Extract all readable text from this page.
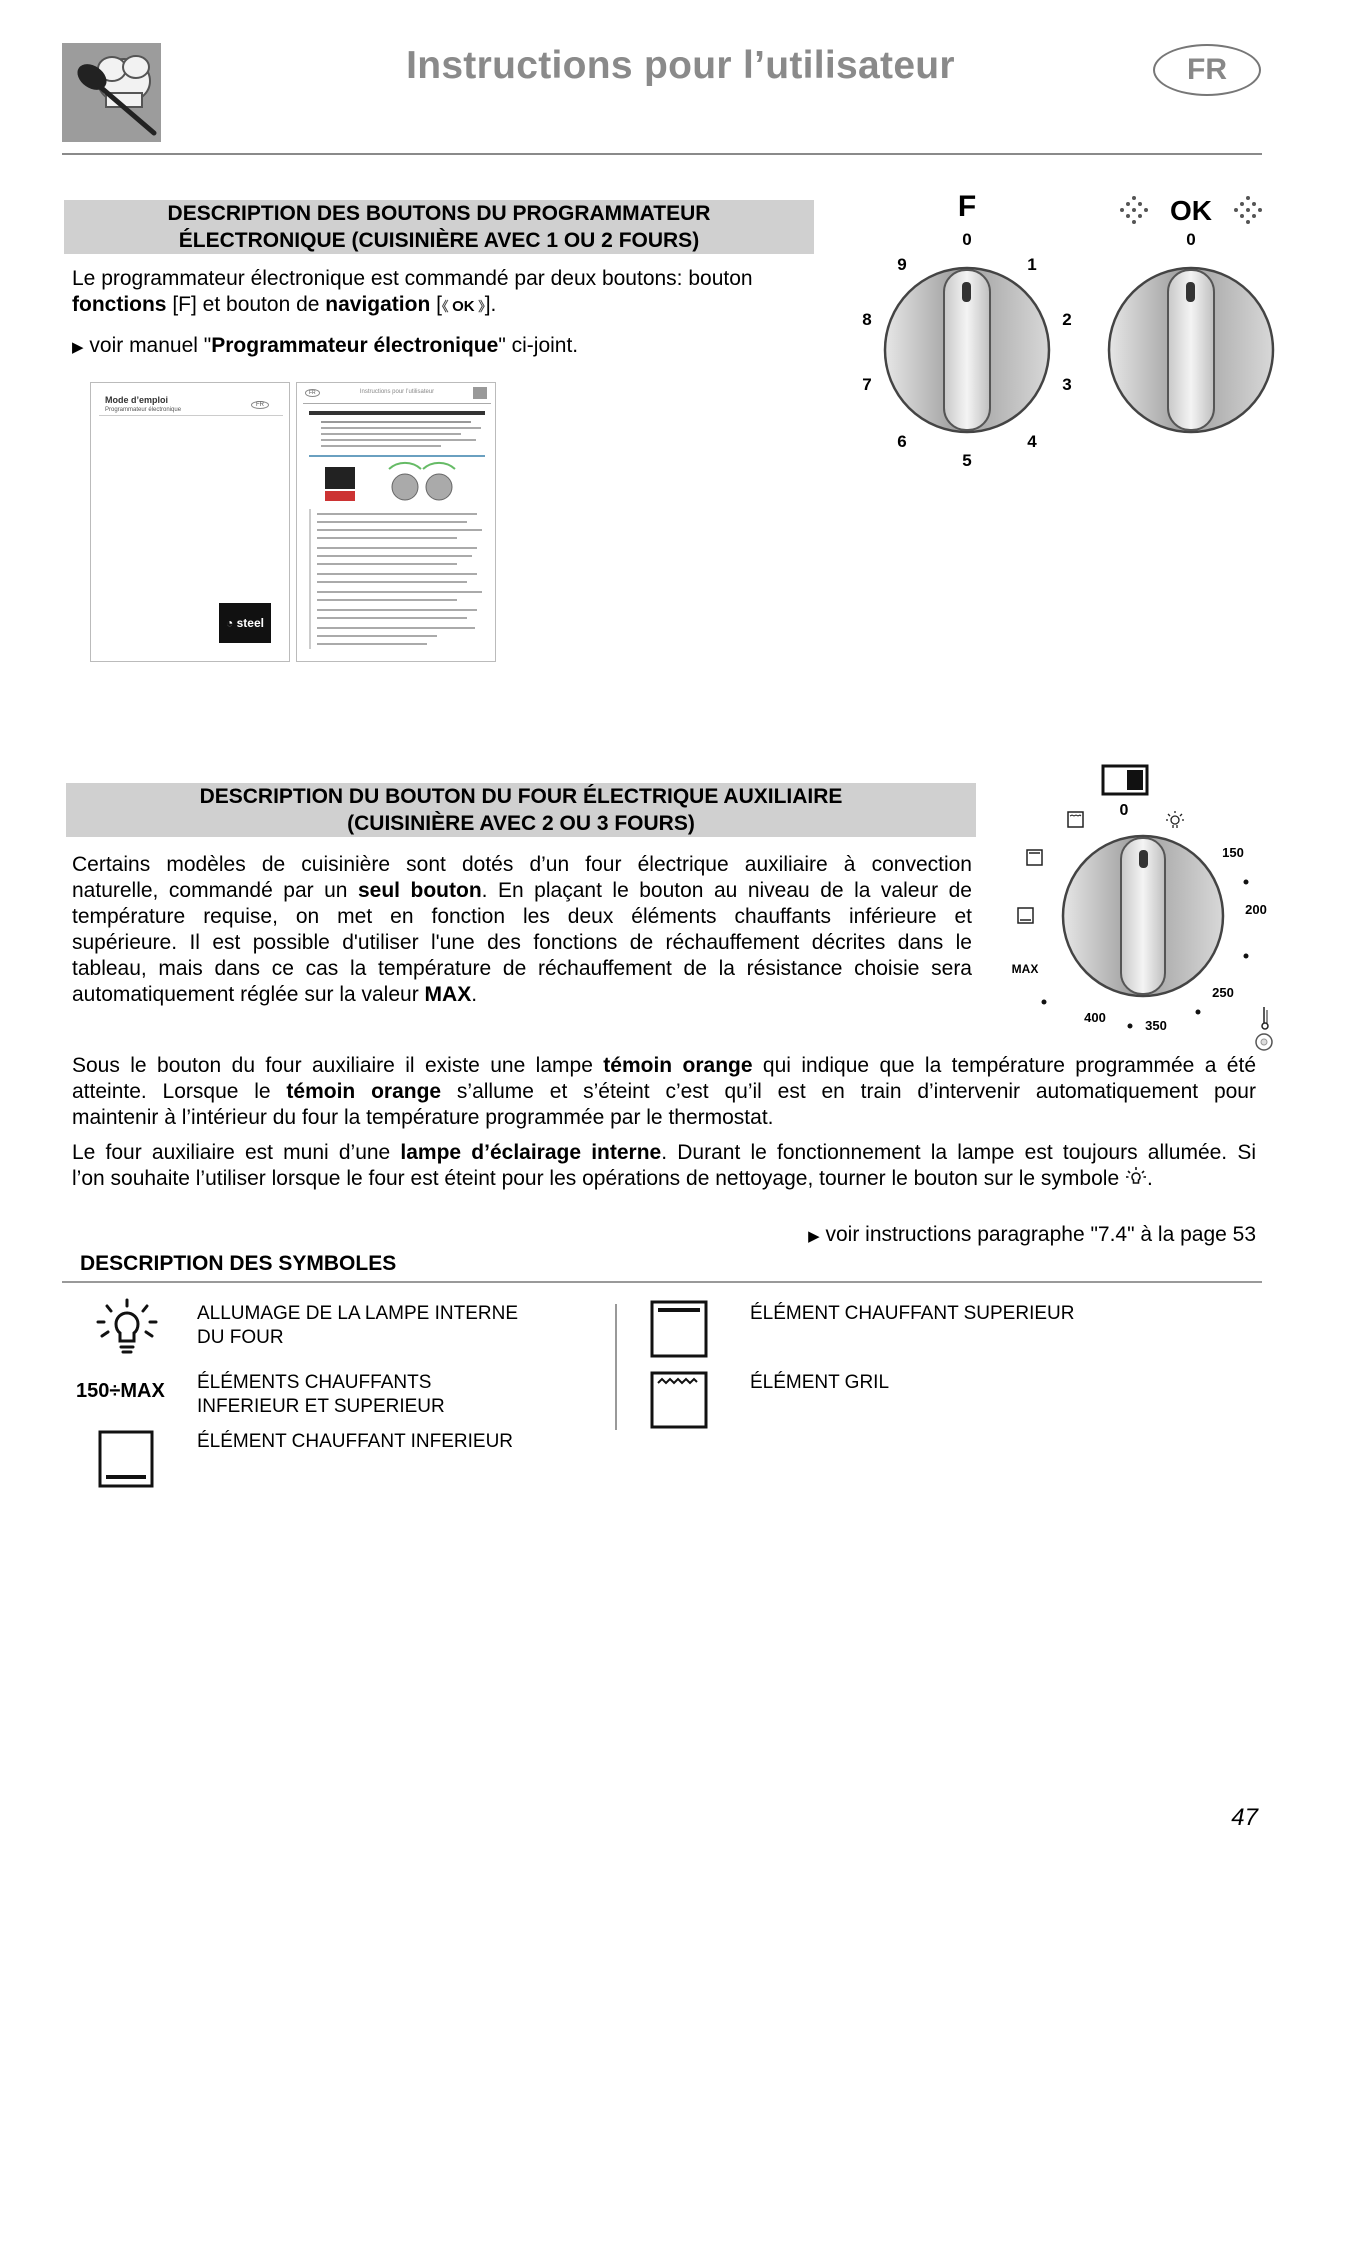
Instructions pour l’utilisateur	FR
DESCRIPTION DES BOUTONS DU PROGRAMMATEUR
ÉLECTRONIQUE (CUISINIÈRE AVEC 1 OU 2 FOURS)
Le programmateur électronique est commandé par deux boutons: bouton
fonctions [F] et bouton de navigation [《 OK 》].
▶ voir manuel "Programmateur électronique" ci-joint.
Mode d’emploi
Programmateur électronique
FR
◔ steel
FR	Instructions pour l’utilisateur
F
0
1
2
3
4
5
6
7
8
9
OK
0
DESCRIPTION DU BOUTON DU FOUR ÉLECTRIQUE AUXILIAIRE
(CUISINIÈRE AVEC 2 OU 3 FOURS)
Certains modèles de cuisinière sont dotés d’un four électrique auxiliaire à convection
naturelle, commandé par un seul bouton. En plaçant le bouton au niveau de la valeur de
température requise, on met en fonction les deux éléments chauffants inférieure et
supérieure. Il est possible d'utiliser l'une des fonctions de réchauffement décrites dans le
tableau, mais dans ce cas la température de réchauffement de la résistance choisie sera
automatiquement réglée sur la valeur MAX.
0
MAX
400
350
250
200
150
Sous le bouton du four auxiliaire il existe une lampe témoin orange qui indique que la température programmée a été
atteinte. Lorsque le témoin orange s’allume et s’éteint c’est qu’il est en train d’intervenir automatiquement pour
maintenir à l’intérieur du four la température programmée par le thermostat.
Le four auxiliaire est muni d’une lampe d’éclairage interne. Durant le fonctionnement la lampe est toujours allumée. Si
l’on souhaite l’utiliser lorsque le four est éteint pour les opérations de nettoyage, tourner le bouton sur le symbole .
▶ voir instructions paragraphe "7.4" à la page 53
DESCRIPTION DES SYMBOLES
ALLUMAGE DE LA LAMPE INTERNE
DU FOUR
150÷MAX ÉLÉMENTS CHAUFFANTS
INFERIEUR ET SUPERIEUR
ÉLÉMENT CHAUFFANT INFERIEUR
ÉLÉMENT CHAUFFANT SUPERIEUR
ÉLÉMENT GRIL
47
